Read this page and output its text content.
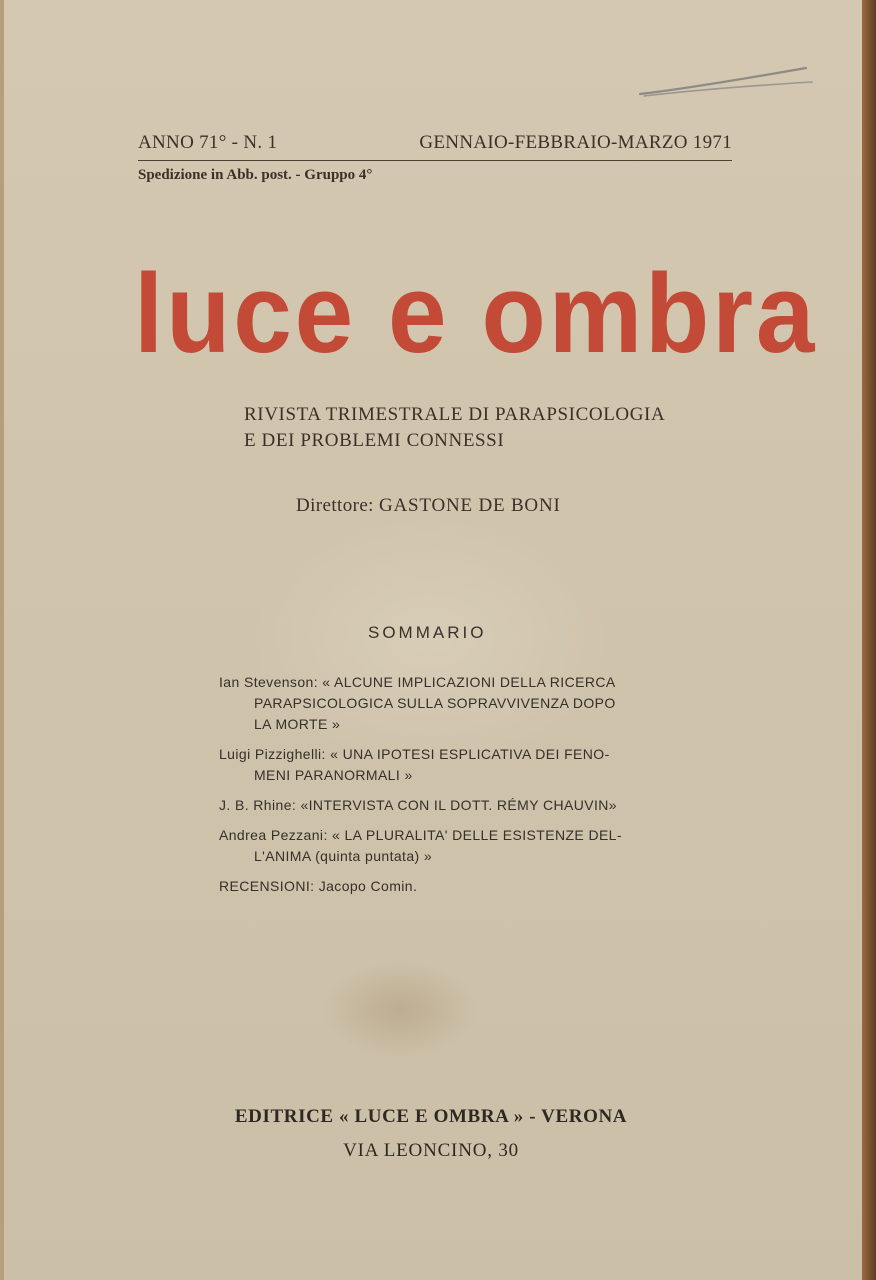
ANNO 71° - N. 1	GENNAIO-FEBBRAIO-MARZO 1971
Spedizione in Abb. post. - Gruppo 4°
luce e ombra
RIVISTA TRIMESTRALE DI PARAPSICOLOGIA
E DEI PROBLEMI CONNESSI
Direttore: GASTONE DE BONI
SOMMARIO
Ian Stevenson: « ALCUNE IMPLICAZIONI DELLA RICERCA
PARAPSICOLOGICA SULLA SOPRAVVIVENZA DOPO
LA MORTE »
Luigi Pizzighelli: « UNA IPOTESI ESPLICATIVA DEI FENO-
MENI PARANORMALI »
J. B. Rhine: «INTERVISTA CON IL DOTT. RÉMY CHAUVIN»
Andrea Pezzani: « LA PLURALITA' DELLE ESISTENZE DEL-
L'ANIMA (quinta puntata) »
RECENSIONI: Jacopo Comin.
EDITRICE « LUCE E OMBRA » - VERONA
VIA LEONCINO, 30
